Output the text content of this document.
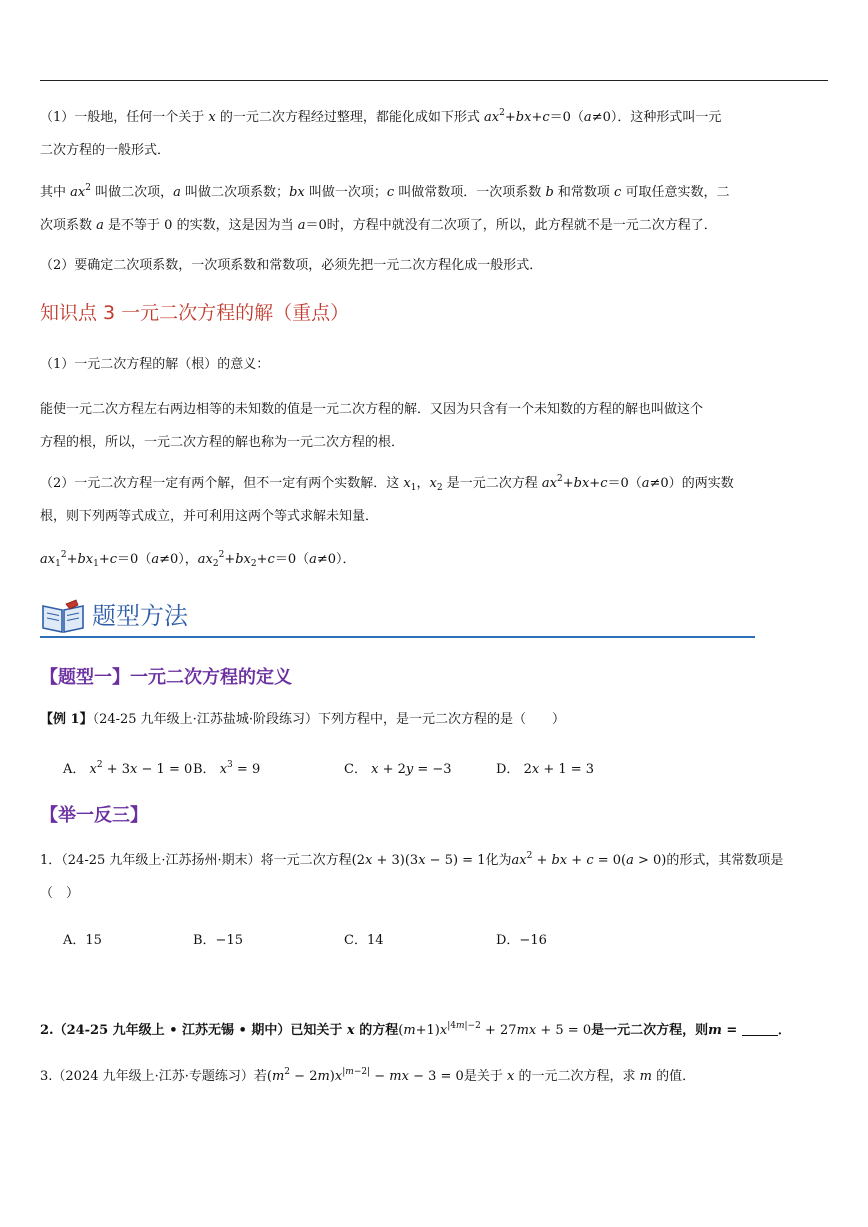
（1）一般地，任何一个关于 x 的一元二次方程经过整理，都能化成如下形式 $ax^2+bx+c=0(a\ne 0)$．这种形式叫一元
二次方程的一般形式．
其中 $ax^2$ 叫做二次项，a 叫做二次项系数；bx 叫做一次项；c 叫做常数项．一次项系数 b 和常数项 c 可取任意实数，二
次项系数 a 是不等于 0 的实数，这是因为当 a＝0时，方程中就没有二次项了，所以，此方程就不是一元二次方程了．
（2）要确定二次项系数，一次项系数和常数项，必须先把一元二次方程化成一般形式．
知识点 3 一元二次方程的解（重点）
（1）一元二次方程的解（根）的意义：
能使一元二次方程左右两边相等的未知数的值是一元二次方程的解．又因为只含有一个未知数的方程的解也叫做这个
方程的根，所以，一元二次方程的解也称为一元二次方程的根．
（2）一元二次方程一定有两个解，但不一定有两个实数解．这 $x_1$，$x_2$ 是一元二次方程 $ax^2+bx+c=0(a\ne 0)$的两实数
根，则下列两等式成立，并可利用这两个等式求解未知量．
$ax_1^2+bx_1+c=0(a\ne 0)$，$ax_2^2+bx_2+c=0(a\ne 0)$．
题型方法
【题型一】一元二次方程的定义
【例 1】（24-25 九年级上·江苏盐城·阶段练习）下列方程中，是一元二次方程的是（　　）
A． $x^2 + 3x - 1 = 0$ B． $x^3 = 9$	C． x + 2y = −3	D． 2x + 1 = 3
【举一反三】
1．（24-25 九年级上·江苏扬州·期末）将一元二次方程(2x + 3)(3x − 5) = 1化为$ax^2$ + bx + c = 0(a > 0)的形式，其常数项是
（　）
A．15	B．−15	C．14	D．−16
2.（24-25 九年级上 • 江苏无锡 • 期中）已知关于 x 的方程$(m+1)x^{|4m|-2} + 27mx + 5 = 0$是一元二次方程，则m =	．
3.（2024 九年级上·江苏·专题练习）若$(m^2 - 2m)x^{|m-2|}$ − mx − 3 = 0是关于 x 的一元二次方程，求 m 的值．
